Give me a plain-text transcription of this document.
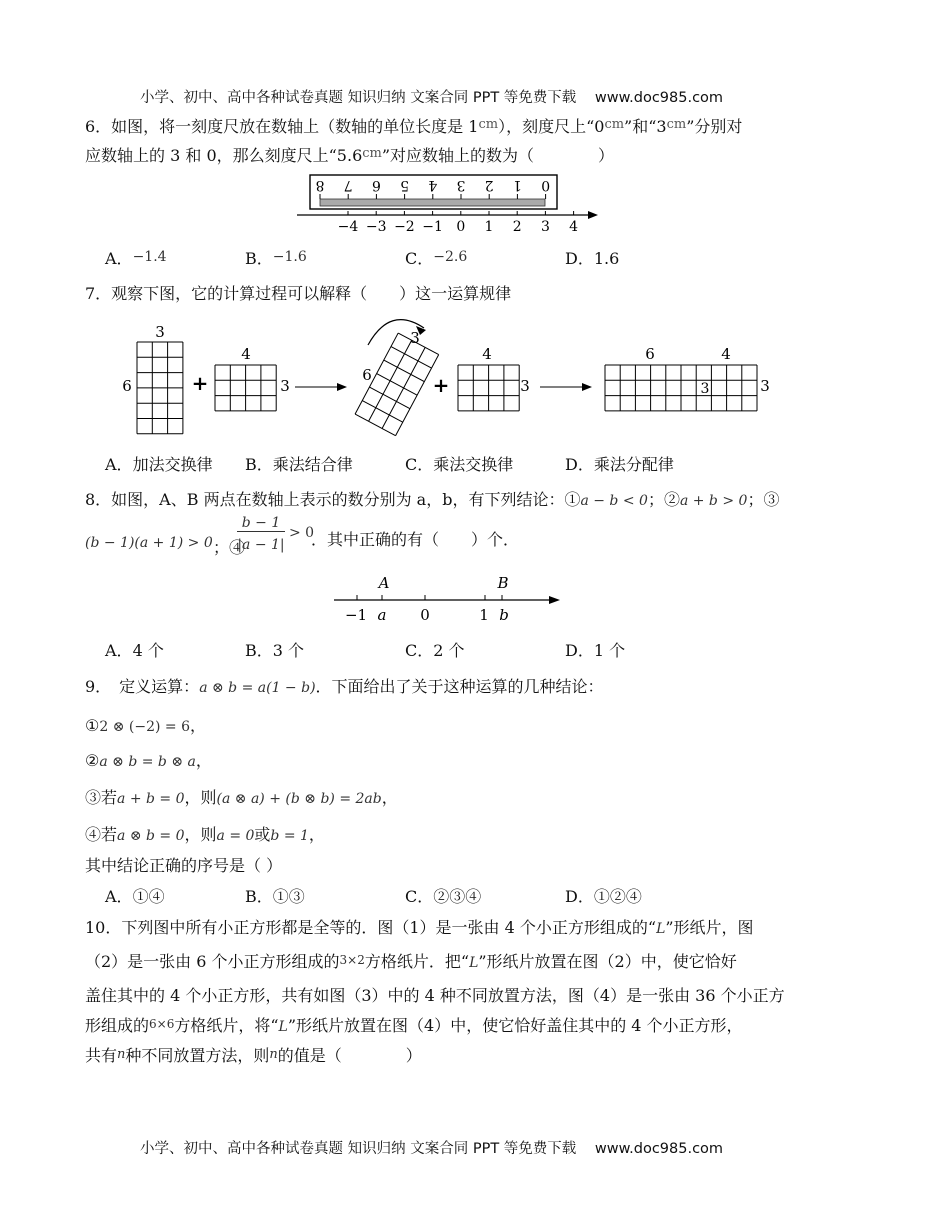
小学、初中、高中各种试卷真题 知识归纳 文案合同 PPT 等免费下载 www.doc985.com
6．如图，将一刻度尺放在数轴上（数轴的单位长度是 $1^{cm}$），刻度尺上“$0^{cm}$”和“$3^{cm}$”分别对
应数轴上的 3 和 0，那么刻度尺上“$5.6^{cm}$”对应数轴上的数为（　　　　）
8 7 6 5 4 3 2 1 0
−4 −3 −2 −1 0 1 2 3 4
A．−1.4	B．−1.6	C．−2.6	D．1.6
7．观察下图，它的计算过程可以解释（　　）这一运算规律
3
6	+
4
3
3
6	+
4
3
6	4
3	3
A．加法交换律 B．乘法结合律	C．乘法交换律	D．乘法分配律
8．如图，A、B 两点在数轴上表示的数分别为 a，b，有下列结论：①a − b < 0；②a + b > 0；③
(b − 1)(a + 1) > 0 ；④
b − 1
|a − 1|
> 0
．其中正确的有（　　）个．
A	B
−1 a 0	1 b
A．4 个	B．3 个	C．2 个	D．1 个
9．　定义运算：a ⊗ b = a(1 − b)．下面给出了关于这种运算的几种结论：
①2 ⊗ (−2) = 6，
②a ⊗ b = b ⊗ a，
③若a + b = 0，则(a ⊗ a) + (b ⊗ b) = 2ab，
④若a ⊗ b = 0，则a = 0或b = 1，
其中结论正确的序号是（ ）
A．①④	B．①③	C．②③④	D．①②④
10．下列图中所有小正方形都是全等的．图（1）是一张由 4 个小正方形组成的“L”形纸片，图
（2）是一张由 6 个小正方形组成的3×2方格纸片．把“L”形纸片放置在图（2）中，使它恰好
盖住其中的 4 个小正方形，共有如图（3）中的 4 种不同放置方法，图（4）是一张由 36 个小正方
形组成的6×6方格纸片，将“L”形纸片放置在图（4）中，使它恰好盖住其中的 4 个小正方形，
共有n种不同放置方法，则n的值是（　　　　）
小学、初中、高中各种试卷真题 知识归纳 文案合同 PPT 等免费下载 www.doc985.com
